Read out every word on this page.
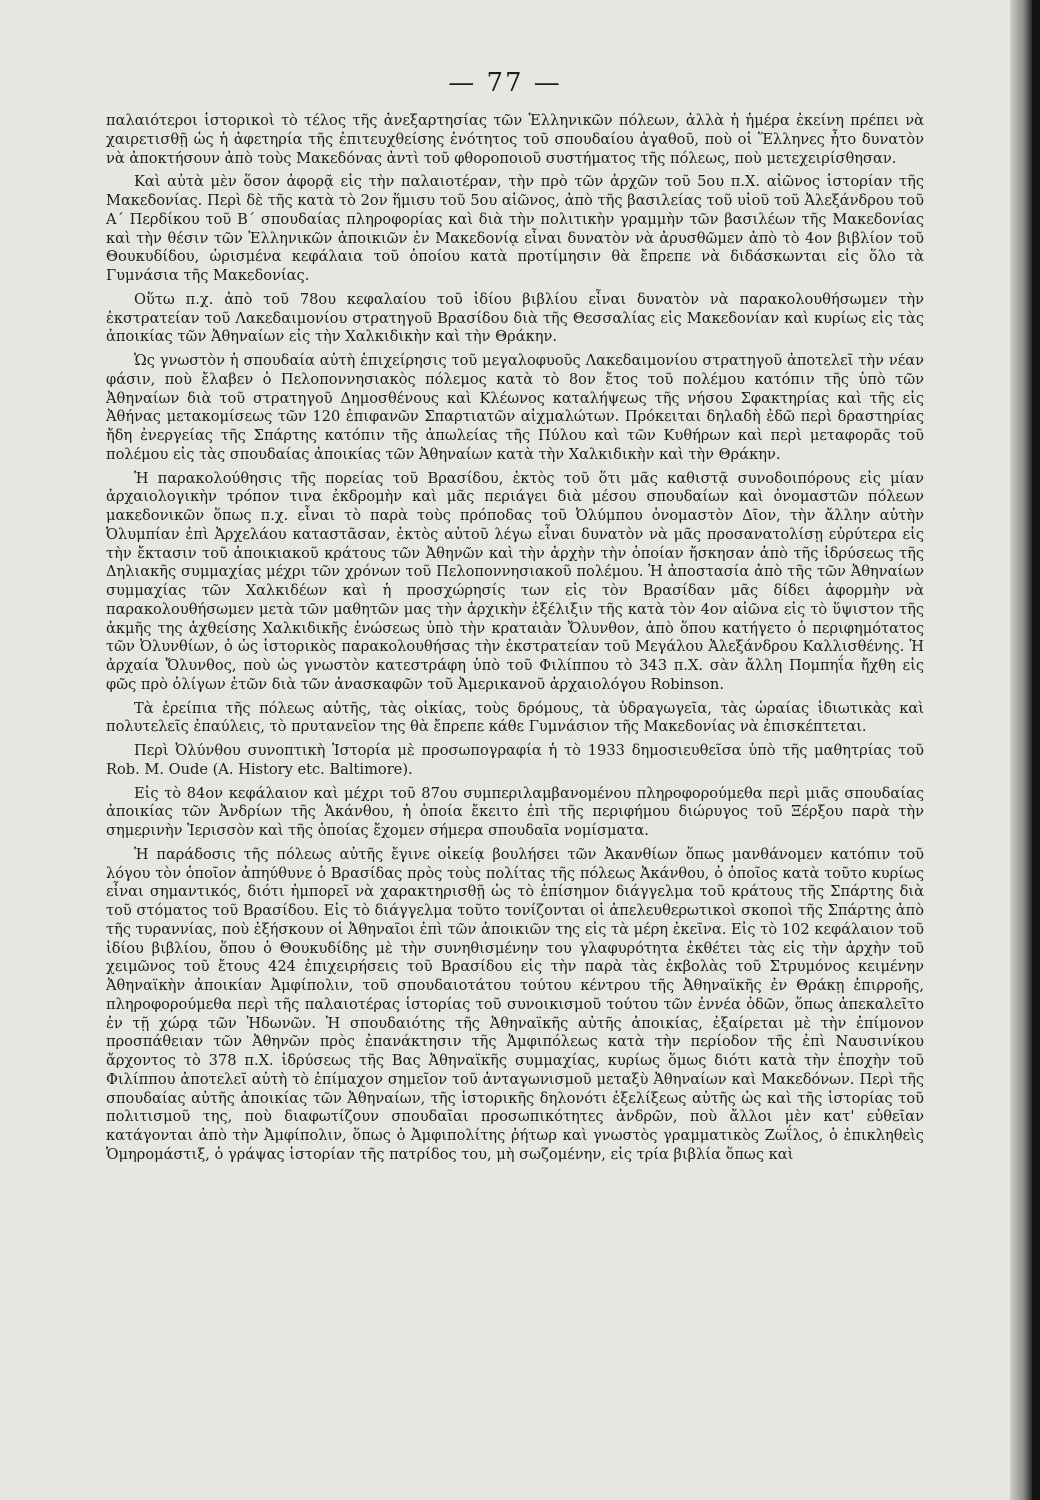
— 77 —

παλαιότεροι ἱστορικοὶ τὸ τέλος τῆς ἀνεξαρτησίας τῶν Ἑλληνικῶν πόλεων, ἀλλὰ ἡ ἡμέρα ἐκείνη πρέπει νὰ χαιρετισθῇ ὡς ἡ ἀφετηρία τῆς ἐπιτευχθείσης ἑνότητος τοῦ σπουδαίου ἀγαθοῦ, ποὺ οἱ Ἕλληνες ἦτο δυνατὸν νὰ ἀποκτήσουν ἀπὸ τοὺς Μακεδόνας ἀντὶ τοῦ φθοροποιοῦ συστήματος τῆς πόλεως, ποὺ μετεχειρίσθησαν.

Καὶ αὐτὰ μὲν ὅσον ἀφορᾷ εἰς τὴν παλαιοτέραν, τὴν πρὸ τῶν ἀρχῶν τοῦ 5ου π.Χ. αἰῶνος ἱστορίαν τῆς Μακεδονίας. Περὶ δὲ τῆς κατὰ τὸ 2ον ἥμισυ τοῦ 5ου αἰῶνος, ἀπὸ τῆς βασιλείας τοῦ υἱοῦ τοῦ Ἀλεξάνδρου τοῦ Α΄ Περδίκου τοῦ Β΄ σπουδαίας πληροφορίας καὶ διὰ τὴν πολιτικὴν γραμμὴν τῶν βασιλέων τῆς Μακεδονίας καὶ τὴν θέσιν τῶν Ἑλληνικῶν ἀποικιῶν ἐν Μακεδονίᾳ εἶναι δυνατὸν νὰ ἀρυσθῶμεν ἀπὸ τὸ 4ον βιβλίον τοῦ Θουκυδίδου, ὡρισμένα κεφάλαια τοῦ ὁποίου κατὰ προτίμησιν θὰ ἔπρεπε νὰ διδάσκωνται εἰς ὅλο τὰ Γυμνάσια τῆς Μακεδονίας.

Οὕτω π.χ. ἀπὸ τοῦ 78ου κεφαλαίου τοῦ ἰδίου βιβλίου εἶναι δυνατὸν νὰ παρακολουθήσωμεν τὴν ἐκστρατείαν τοῦ Λακεδαιμονίου στρατηγοῦ Βρασίδου διὰ τῆς Θεσσαλίας εἰς Μακεδονίαν καὶ κυρίως εἰς τὰς ἀποικίας τῶν Ἀθηναίων εἰς τὴν Χαλκιδικὴν καὶ τὴν Θράκην.

Ὡς γνωστὸν ἡ σπουδαία αὐτὴ ἐπιχείρησις τοῦ μεγαλοφυοῦς Λακεδαιμονίου στρατηγοῦ ἀποτελεῖ τὴν νέαν φάσιν, ποὺ ἔλαβεν ὁ Πελοποννησιακὸς πόλεμος κατὰ τὸ 8ον ἔτος τοῦ πολέμου κατόπιν τῆς ὑπὸ τῶν Ἀθηναίων διὰ τοῦ στρατηγοῦ Δημοσθένους καὶ Κλέωνος καταλήψεως τῆς νήσου Σφακτηρίας καὶ τῆς εἰς Ἀθήνας μετακομίσεως τῶν 120 ἐπιφανῶν Σπαρτιατῶν αἰχμαλώτων. Πρόκειται δηλαδὴ ἐδῶ περὶ δραστηρίας ἤδη ἐνεργείας τῆς Σπάρτης κατόπιν τῆς ἀπωλείας τῆς Πύλου καὶ τῶν Κυθήρων καὶ περὶ μεταφορᾶς τοῦ πολέμου εἰς τὰς σπουδαίας ἀποικίας τῶν Ἀθηναίων κατὰ τὴν Χαλκιδικὴν καὶ τὴν Θράκην.

Ἡ παρακολούθησις τῆς πορείας τοῦ Βρασίδου, ἐκτὸς τοῦ ὅτι μᾶς καθιστᾷ συνοδοιπόρους εἰς μίαν ἀρχαιολογικὴν τρόπον τινα ἐκδρομὴν καὶ μᾶς περιάγει διὰ μέσου σπουδαίων καὶ ὀνομαστῶν πόλεων μακεδονικῶν ὅπως π.χ. εἶναι τὸ παρὰ τοὺς πρόποδας τοῦ Ὀλύμπου ὀνομαστὸν Δῖον, τὴν ἄλλην αὐτὴν Ὀλυμπίαν ἐπὶ Ἀρχελάου καταστᾶσαν, ἐκτὸς αὐτοῦ λέγω εἶναι δυνατὸν νὰ μᾶς προσανατολίσῃ εὐρύτερα εἰς τὴν ἔκτασιν τοῦ ἀποικιακοῦ κράτους τῶν Ἀθηνῶν καὶ τὴν ἀρχὴν τὴν ὁποίαν ἤσκησαν ἀπὸ τῆς ἱδρύσεως τῆς Δηλιακῆς συμμαχίας μέχρι τῶν χρόνων τοῦ Πελοποννησιακοῦ πολέμου. Ἡ ἀποστασία ἀπὸ τῆς τῶν Ἀθηναίων συμμαχίας τῶν Χαλκιδέων καὶ ἡ προσχώρησίς των εἰς τὸν Βρασίδαν μᾶς δίδει ἀφορμὴν νὰ παρακολουθήσωμεν μετὰ τῶν μαθητῶν μας τὴν ἀρχικὴν ἐξέλιξιν τῆς κατὰ τὸν 4ον αἰῶνα εἰς τὸ ὕψιστον τῆς ἀκμῆς της ἀχθείσης Χαλκιδικῆς ἑνώσεως ὑπὸ τὴν κραταιὰν Ὄλυνθον, ἀπὸ ὅπου κατήγετο ὁ περιφημότατος τῶν Ὀλυνθίων, ὁ ὡς ἱστορικὸς παρακολουθήσας τὴν ἐκστρατείαν τοῦ Μεγάλου Ἀλεξάνδρου Καλλισθένης. Ἡ ἀρχαία Ὄλυνθος, ποὺ ὡς γνωστὸν κατεστράφη ὑπὸ τοῦ Φιλίππου τὸ 343 π.Χ. σὰν ἄλλη Πομπηΐα ἤχθη εἰς φῶς πρὸ ὀλίγων ἐτῶν διὰ τῶν ἀνασκαφῶν τοῦ Ἀμερικανοῦ ἀρχαιολόγου Robinson.

Τὰ ἐρείπια τῆς πόλεως αὐτῆς, τὰς οἰκίας, τοὺς δρόμους, τὰ ὑδραγωγεῖα, τὰς ὡραίας ἰδιωτικὰς καὶ πολυτελεῖς ἐπαύλεις, τὸ πρυτανεῖον της θὰ ἔπρεπε κάθε Γυμνάσιον τῆς Μακεδονίας νὰ ἐπισκέπτεται.

Περὶ Ὀλύνθου συνοπτικὴ Ἱστορία μὲ προσωπογραφία ἡ τὸ 1933 δημοσιευθεῖσα ὑπὸ τῆς μαθητρίας τοῦ Rob. M. Oude (A. History etc. Baltimore).

Εἰς τὸ 84ον κεφάλαιον καὶ μέχρι τοῦ 87ου συμπεριλαμβανομένου πληροφορούμεθα περὶ μιᾶς σπουδαίας ἀποικίας τῶν Ἀνδρίων τῆς Ἀκάνθου, ἡ ὁποία ἔκειτο ἐπὶ τῆς περιφήμου διώρυγος τοῦ Ξέρξου παρὰ τὴν σημερινὴν Ἱερισσὸν καὶ τῆς ὁποίας ἔχομεν σήμερα σπουδαῖα νομίσματα.

Ἡ παράδοσις τῆς πόλεως αὐτῆς ἔγινε οἰκείᾳ βουλήσει τῶν Ἀκανθίων ὅπως μανθάνομεν κατόπιν τοῦ λόγου τὸν ὁποῖον ἀπηύθυνε ὁ Βρασίδας πρὸς τοὺς πολίτας τῆς πόλεως Ἀκάνθου, ὁ ὁποῖος κατὰ τοῦτο κυρίως εἶναι σημαντικός, διότι ἠμπορεῖ νὰ χαρακτηρισθῇ ὡς τὸ ἐπίσημον διάγγελμα τοῦ κράτους τῆς Σπάρτης διὰ τοῦ στόματος τοῦ Βρασίδου. Εἰς τὸ διάγγελμα τοῦτο τονίζονται οἱ ἀπελευθερωτικοὶ σκοποὶ τῆς Σπάρτης ἀπὸ τῆς τυραννίας, ποὺ ἐξήσκουν οἱ Ἀθηναῖοι ἐπὶ τῶν ἀποικιῶν της εἰς τὰ μέρη ἐκεῖνα. Εἰς τὸ 102 κεφάλαιον τοῦ ἰδίου βιβλίου, ὅπου ὁ Θουκυδίδης μὲ τὴν συνηθισμένην του γλαφυρότητα ἐκθέτει τὰς εἰς τὴν ἀρχὴν τοῦ χειμῶνος τοῦ ἔτους 424 ἐπιχειρήσεις τοῦ Βρασίδου εἰς τὴν παρὰ τὰς ἐκβολὰς τοῦ Στρυμόνος κειμένην Ἀθηναϊκὴν ἀποικίαν Ἀμφίπολιν, τοῦ σπουδαιοτάτου τούτου κέντρου τῆς Ἀθηναϊκῆς ἐν Θράκῃ ἐπιρροῆς, πληροφορούμεθα περὶ τῆς παλαιοτέρας ἱστορίας τοῦ συνοικισμοῦ τούτου τῶν ἐννέα ὁδῶν, ὅπως ἀπεκαλεῖτο ἐν τῇ χώρᾳ τῶν Ἠδωνῶν. Ἡ σπουδαιότης τῆς Ἀθηναϊκῆς αὐτῆς ἀποικίας, ἐξαίρεται μὲ τὴν ἐπίμονον προσπάθειαν τῶν Ἀθηνῶν πρὸς ἐπανάκτησιν τῆς Ἀμφιπόλεως κατὰ τὴν περίοδον τῆς ἐπὶ Ναυσινίκου ἄρχοντος τὸ 378 π.Χ. ἱδρύσεως τῆς Βας Ἀθηναϊκῆς συμμαχίας, κυρίως ὅμως διότι κατὰ τὴν ἐποχὴν τοῦ Φιλίππου ἀποτελεῖ αὐτὴ τὸ ἐπίμαχον σημεῖον τοῦ ἀνταγωνισμοῦ μεταξὺ Ἀθηναίων καὶ Μακεδόνων. Περὶ τῆς σπουδαίας αὐτῆς ἀποικίας τῶν Ἀθηναίων, τῆς ἱστορικῆς δηλονότι ἐξελίξεως αὐτῆς ὡς καὶ τῆς ἱστορίας τοῦ πολιτισμοῦ της, ποὺ διαφωτίζουν σπουδαῖαι προσωπικότητες ἀνδρῶν, ποὺ ἄλλοι μὲν κατ' εὐθεῖαν κατάγονται ἀπὸ τὴν Ἀμφίπολιν, ὅπως ὁ Ἀμφιπολίτης ῥήτωρ καὶ γνωστὸς γραμματικὸς Ζωΐλος, ὁ ἐπικληθεὶς Ὁμηρομάστιξ, ὁ γράψας ἱστορίαν τῆς πατρίδος του, μὴ σωζομένην, εἰς τρία βιβλία ὅπως καὶ
